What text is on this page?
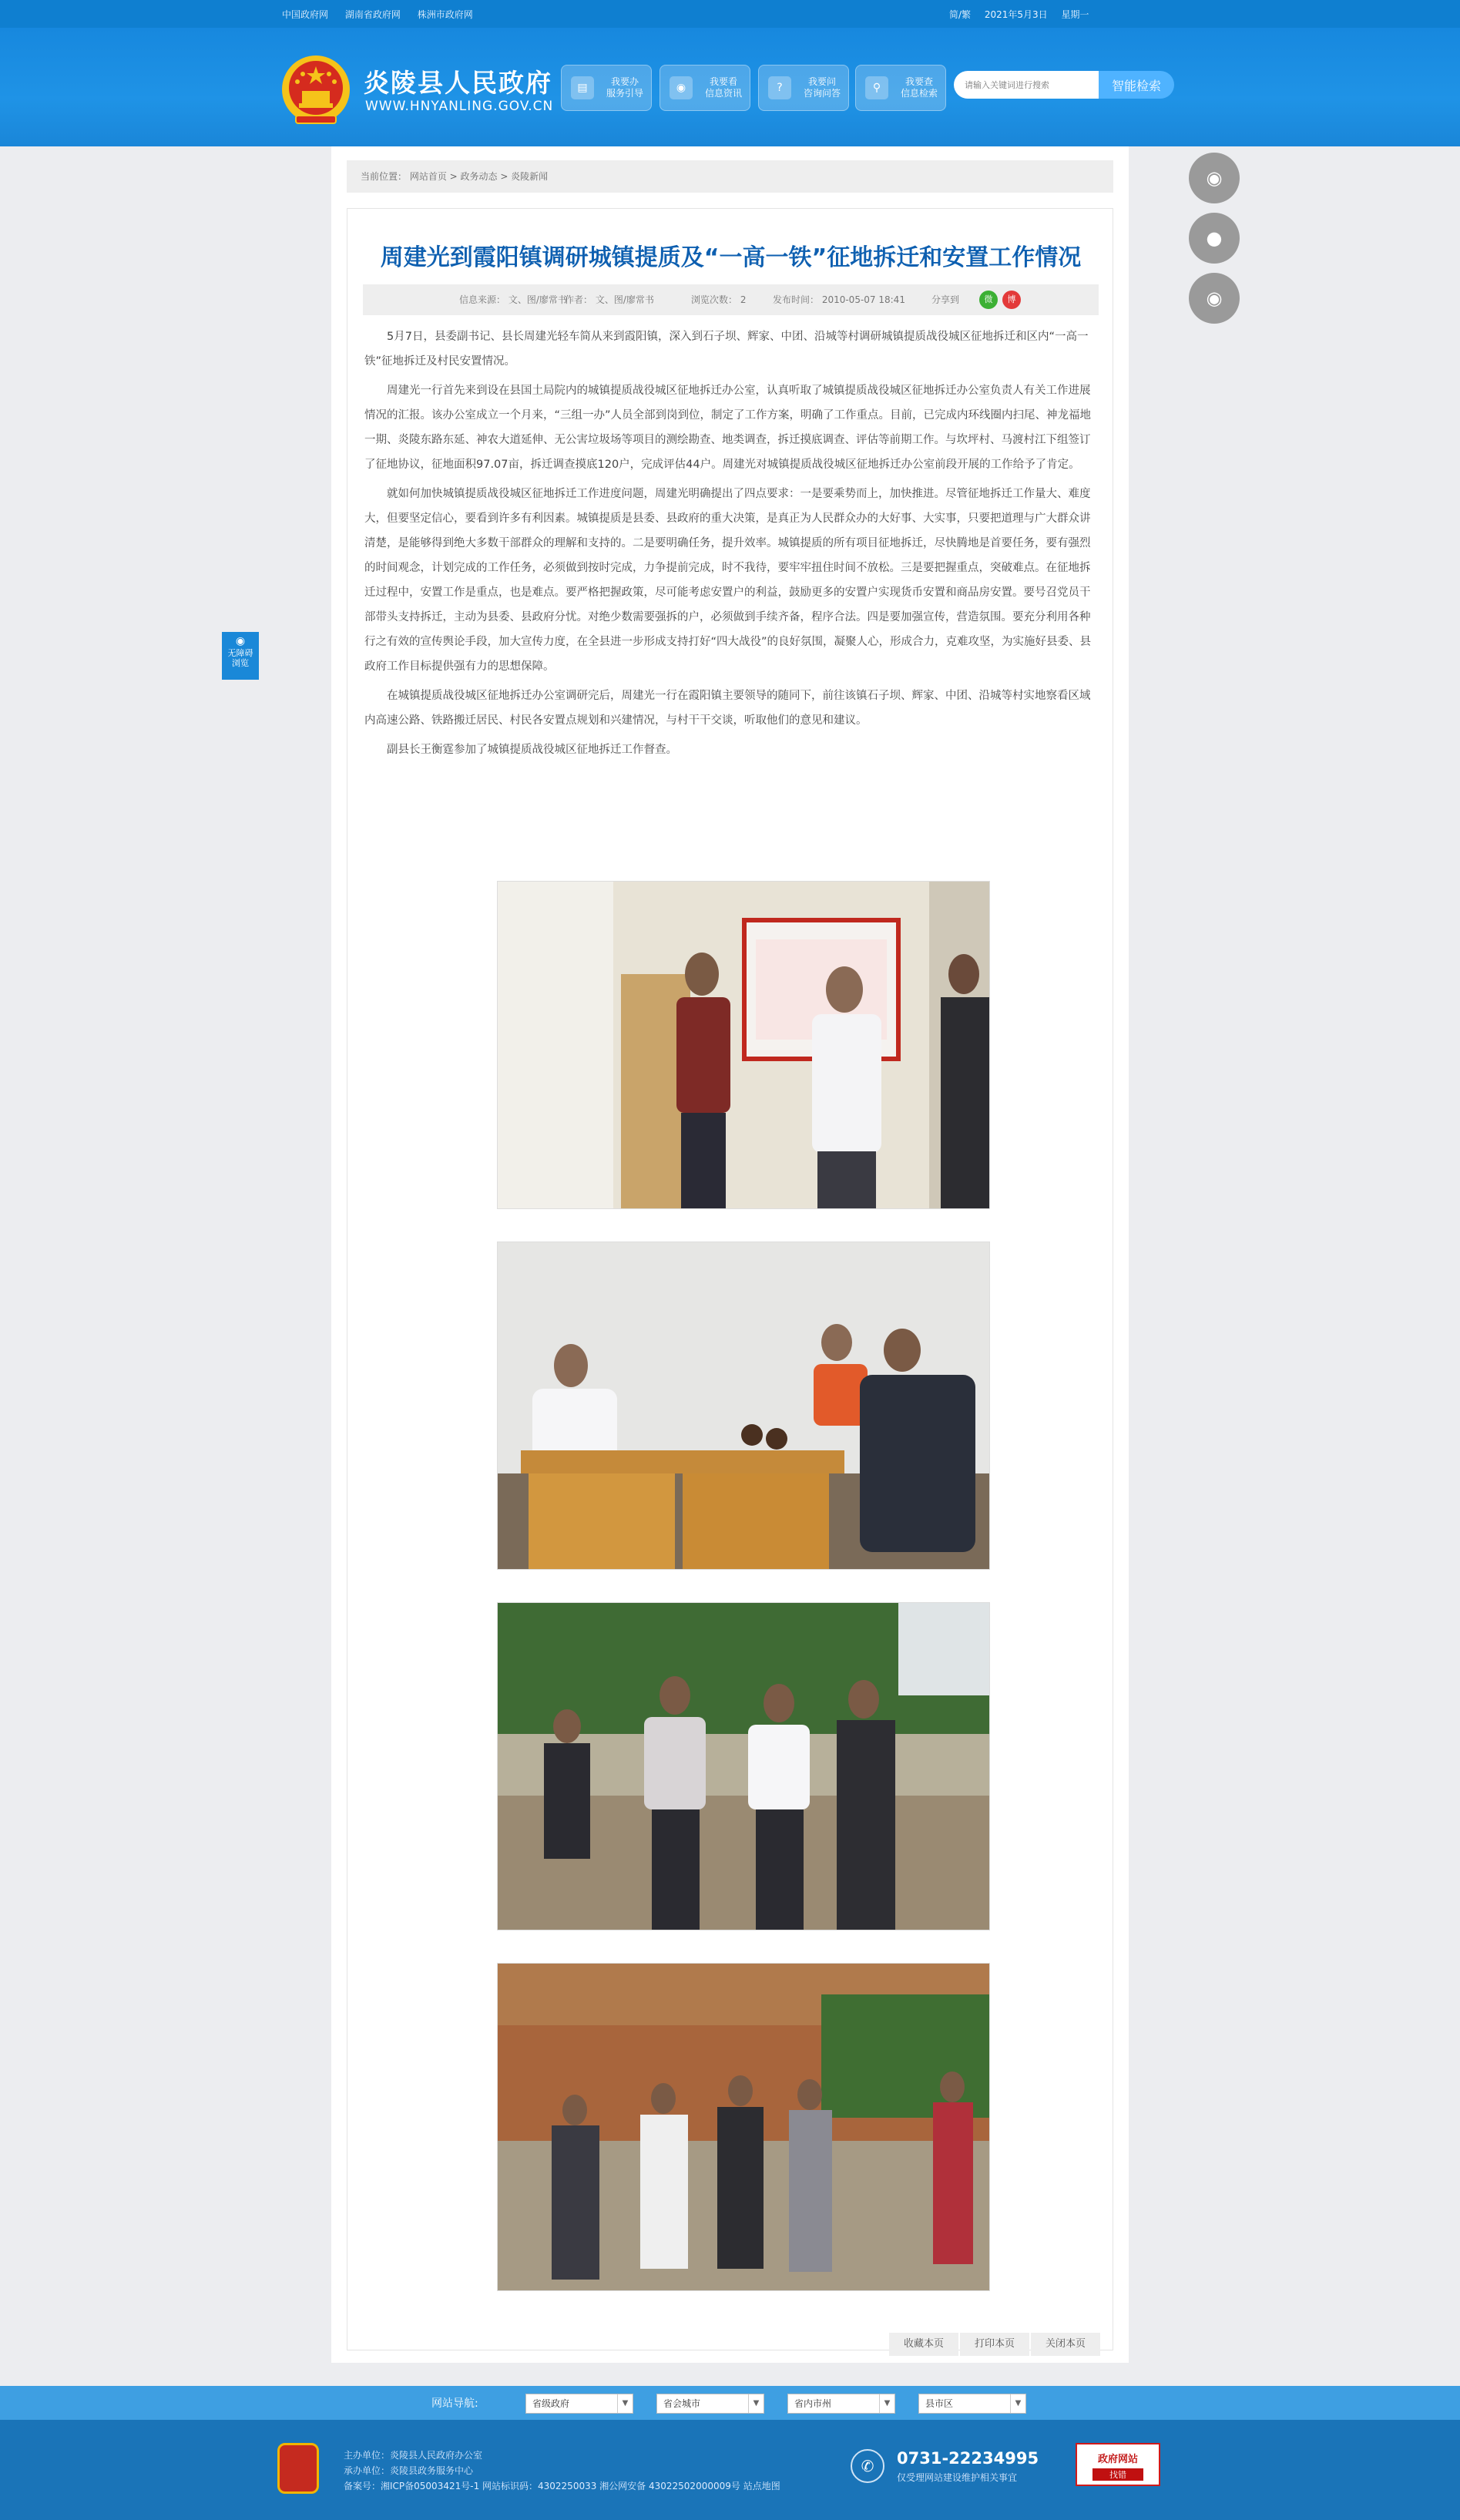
中国政府网 湖南省政府网 株洲市政府网	简/繁 2021年5月3日 星期一
炎陵县人民政府
WWW.HNYANLING.GOV.CN
▤	我要办
服务引导	◉	我要看
信息资讯	?	我要问
咨询问答	⚲	我要查
信息检索
请输入关键词进行搜索
智能检索
◉
●
◉
◉
无障碍
浏览
当前位置： 网站首页 > 政务动态 > 炎陵新闻
周建光到霞阳镇调研城镇提质及“一高一铁”征地拆迁和安置工作情况
信息来源： 文、图/廖常书
作者： 文、图/廖常书	浏览次数： 2	发布时间： 2010-05-07 18:41	分享到	微	博

5月7日，县委副书记、县长周建光轻车简从来到霞阳镇，深入到石子坝、辉家、中团、沿城等村调研城镇提质战役城区征地拆迁和区内“一高一铁”征地拆迁及村民安置情况。

周建光一行首先来到设在县国土局院内的城镇提质战役城区征地拆迁办公室，认真听取了城镇提质战役城区征地拆迁办公室负责人有关工作进展情况的汇报。该办公室成立一个月来，“三组一办”人员全部到岗到位，制定了工作方案，明确了工作重点。目前，已完成内环线圈内扫尾、神龙福地一期、炎陵东路东延、神农大道延伸、无公害垃圾场等项目的测绘勘查、地类调查，拆迁摸底调查、评估等前期工作。与坎坪村、马渡村江下组签订了征地协议，征地面积97.07亩，拆迁调查摸底120户，完成评估44户。周建光对城镇提质战役城区征地拆迁办公室前段开展的工作给予了肯定。

就如何加快城镇提质战役城区征地拆迁工作进度问题，周建光明确提出了四点要求：一是要乘势而上，加快推进。尽管征地拆迁工作量大、难度大，但要坚定信心，要看到许多有利因素。城镇提质是县委、县政府的重大决策，是真正为人民群众办的大好事、大实事，只要把道理与广大群众讲清楚，是能够得到绝大多数干部群众的理解和支持的。二是要明确任务，提升效率。城镇提质的所有项目征地拆迁，尽快腾地是首要任务，要有强烈的时间观念，计划完成的工作任务，必须做到按时完成，力争提前完成，时不我待，要牢牢扭住时间不放松。三是要把握重点，突破难点。在征地拆迁过程中，安置工作是重点，也是难点。要严格把握政策，尽可能考虑安置户的利益，鼓励更多的安置户实现货币安置和商品房安置。要号召党员干部带头支持拆迁，主动为县委、县政府分忧。对绝少数需要强拆的户，必须做到手续齐备，程序合法。四是要加强宣传，营造氛围。要充分利用各种行之有效的宣传舆论手段，加大宣传力度，在全县进一步形成支持打好“四大战役”的良好氛围，凝聚人心，形成合力，克难攻坚，为实施好县委、县政府工作目标提供强有力的思想保障。

在城镇提质战役城区征地拆迁办公室调研完后，周建光一行在霞阳镇主要领导的随同下，前往该镇石子坝、辉家、中团、沿城等村实地察看区域内高速公路、铁路搬迁居民、村民各安置点规划和兴建情况，与村干干交谈，听取他们的意见和建议。

副县长王衡霆参加了城镇提质战役城区征地拆迁工作督查。

收藏本页	打印本页	关闭本页
网站导航:	省级政府	▼	省会城市	▼	省内市州	▼	县市区	▼
主办单位：炎陵县人民政府办公室
承办单位：炎陵县政务服务中心
备案号：湘ICP备05003421号-1 网站标识码：4302250033 湘公网安备 43022502000009号 站点地图
✆	0731-22234995
仅受理网站建设维护相关事宜
政府网站
找错
